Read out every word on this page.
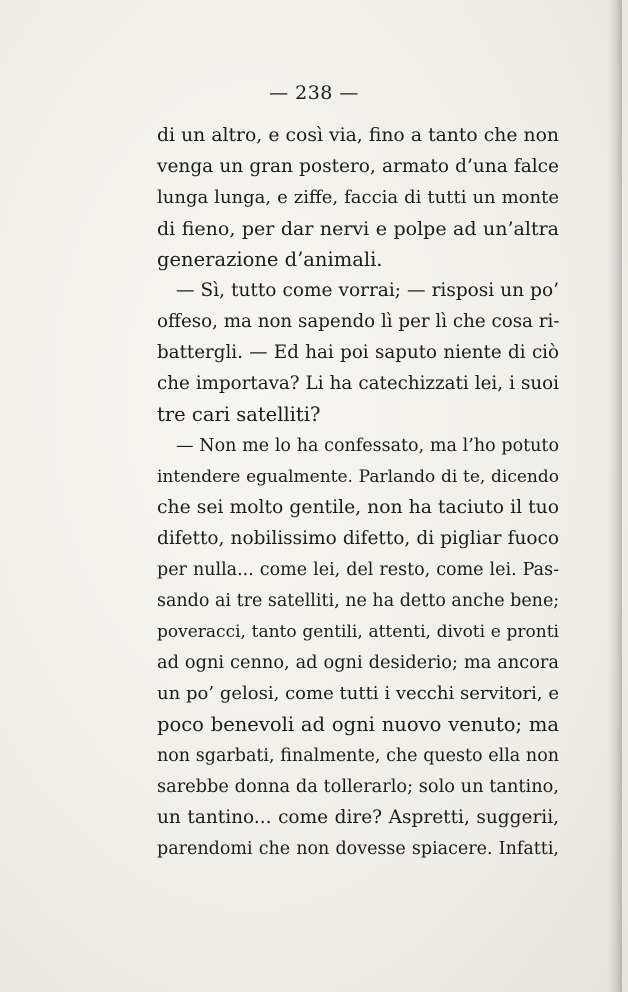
— 238 —
di un altro, e così via, fino a tanto che non
venga un gran postero, armato d’una falce
lunga lunga, e ziffe, faccia di tutti un monte
di fieno, per dar nervi e polpe ad un’altra
generazione d’animali.
— Sì, tutto come vorrai; — risposi un po’
offeso, ma non sapendo lì per lì che cosa ri-
battergli. — Ed hai poi saputo niente di ciò
che importava? Li ha catechizzati lei, i suoi
tre cari satelliti?
— Non me lo ha confessato, ma l’ho potuto
intendere egualmente. Parlando di te, dicendo
che sei molto gentile, non ha taciuto il tuo
difetto, nobilissimo difetto, di pigliar fuoco
per nulla... come lei, del resto, come lei. Pas-
sando ai tre satelliti, ne ha detto anche bene;
poveracci, tanto gentili, attenti, divoti e pronti
ad ogni cenno, ad ogni desiderio; ma ancora
un po’ gelosi, come tutti i vecchi servitori, e
poco benevoli ad ogni nuovo venuto; ma
non sgarbati, finalmente, che questo ella non
sarebbe donna da tollerarlo; solo un tantino,
un tantino... come dire? Aspretti, suggerii,
parendomi che non dovesse spiacere. Infatti,
